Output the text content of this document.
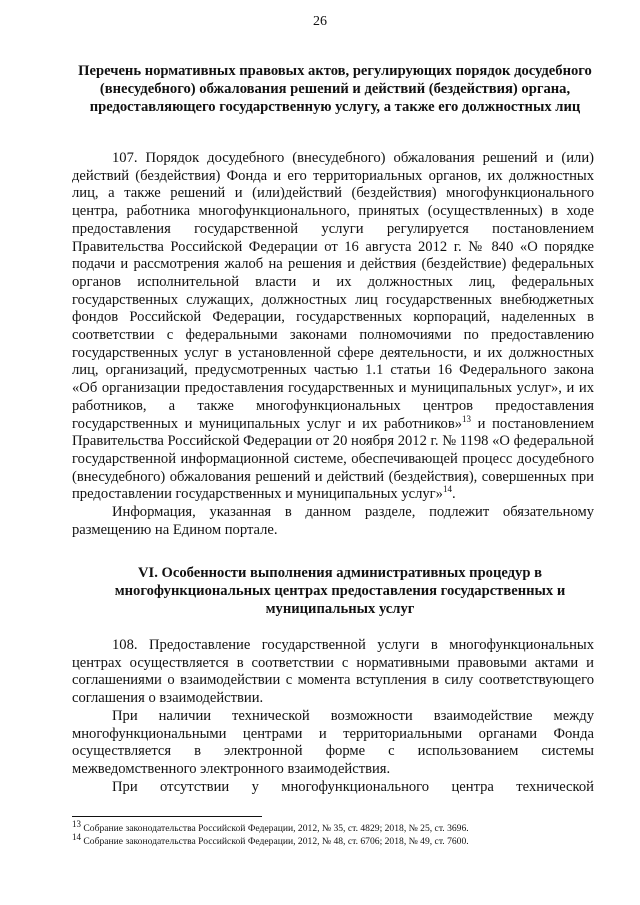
26
Перечень нормативных правовых актов, регулирующих порядок досудебного (внесудебного) обжалования решений и действий (бездействия) органа, предоставляющего государственную услугу, а также его должностных лиц

107. Порядок досудебного (внесудебного) обжалования решений и (или) действий (бездействия) Фонда и его территориальных органов, их должностных лиц, а также решений и (или)действий (бездействия) многофункционального центра, работника многофункционального, принятых (осуществленных) в ходе предоставления государственной услуги регулируется постановлением Правительства Российской Федерации от 16 августа 2012 г. № 840 «О порядке подачи и рассмотрения жалоб на решения и действия (бездействие) федеральных органов исполнительной власти и их должностных лиц, федеральных государственных служащих, должностных лиц государственных внебюджетных фондов Российской Федерации, государственных корпораций, наделенных в соответствии с федеральными законами полномочиями по предоставлению государственных услуг в установленной сфере деятельности, и их должностных лиц, организаций, предусмотренных частью 1.1 статьи 16 Федерального закона «Об организации предоставления государственных и муниципальных услуг», и их работников, а также многофункциональных центров предоставления государственных и муниципальных услуг и их работников»$^{13}$ и постановлением Правительства Российской Федерации от 20 ноября 2012 г. № 1198 «О федеральной государственной информационной системе, обеспечивающей процесс досудебного (внесудебного) обжалования решений и действий (бездействия), совершенных при предоставлении государственных и муниципальных услуг»$^{14}$.

Информация, указанная в данном разделе, подлежит обязательному размещению на Едином портале.

VI. Особенности выполнения административных процедур в многофункциональных центрах предоставления государственных и муниципальных услуг

108. Предоставление государственной услуги в многофункциональных центрах осуществляется в соответствии с нормативными правовыми актами и соглашениями о взаимодействии с момента вступления в силу соответствующего соглашения о взаимодействии.

При наличии технической возможности взаимодействие между многофункциональными центрами и территориальными органами Фонда осуществляется в электронной форме с использованием системы межведомственного электронного взаимодействия.

При отсутствии у многофункционального центра технической

$^{13}$ Собрание законодательства Российской Федерации, 2012, № 35, ст. 4829; 2018, № 25, ст. 3696.
$^{14}$ Собрание законодательства Российской Федерации, 2012, № 48, ст. 6706; 2018, № 49, ст. 7600.
